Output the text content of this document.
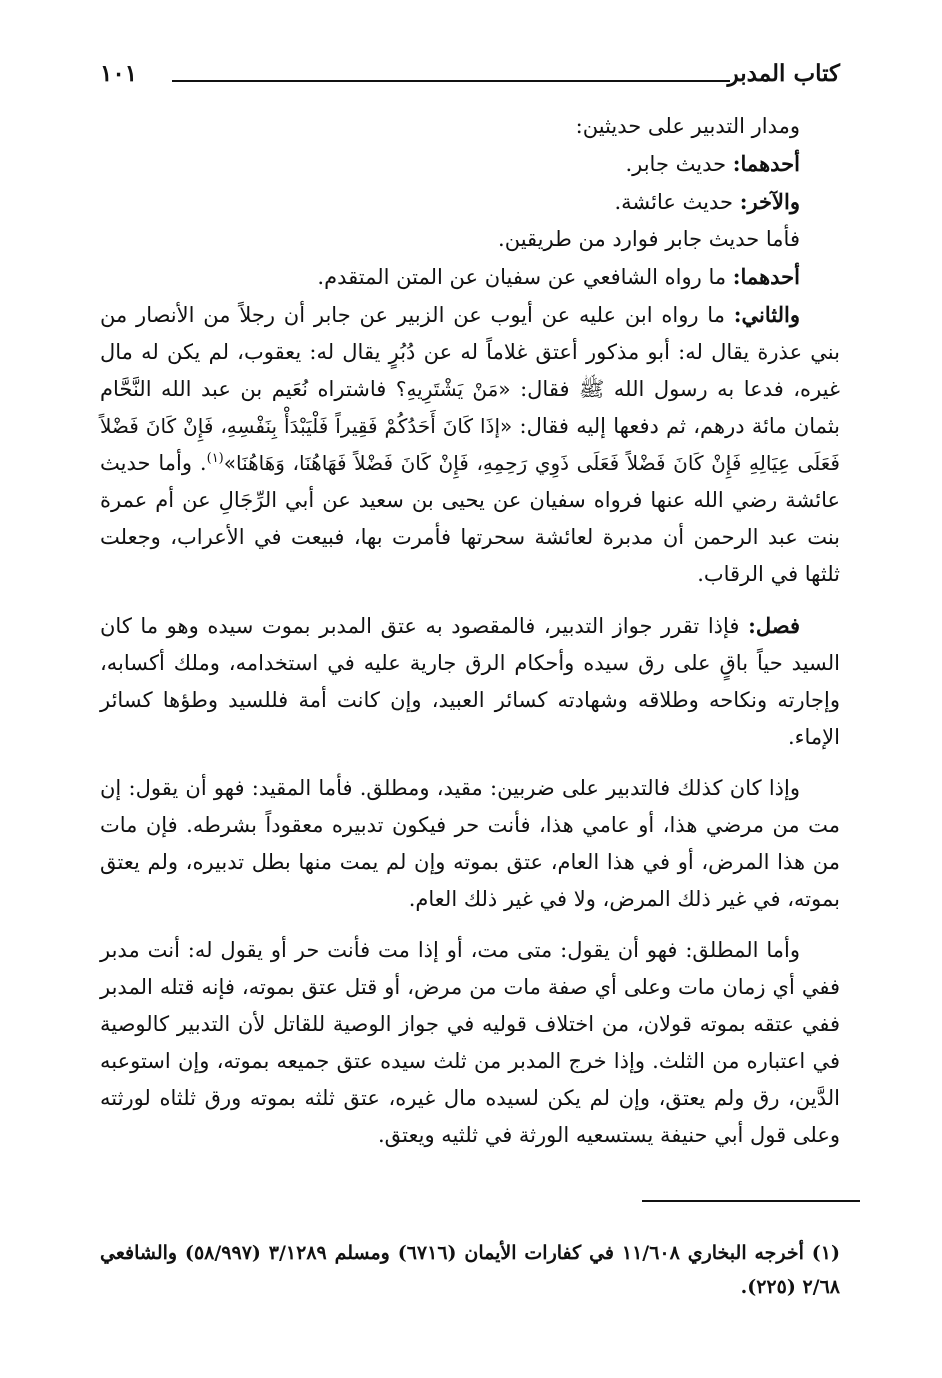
كتاب المدبر
١٠١

ومدار التدبير على حديثين:

أحدهما: حديث جابر.

والآخر: حديث عائشة.

فأما حديث جابر فوارد من طريقين.

أحدهما: ما رواه الشافعي عن سفيان عن المتن المتقدم.

والثاني: ما رواه ابن عليه عن أيوب عن الزبير عن جابر أن رجلاً من الأنصار من بني عذرة يقال له: أبو مذكور أعتق غلاماً له عن دُبُرٍ يقال له: يعقوب، لم يكن له مال غيره، فدعا به رسول الله ﷺ فقال: «مَنْ يَشْتَرِيهِ؟ فاشتراه نُعَيم بن عبد الله النَّحَّام بثمان مائة درهم، ثم دفعها إليه فقال: «إذَا كَانَ أَحَدُكُمْ فَقِيراً فَلْيَبْدَأْ بِنَفْسِهِ، فَإِنْ كَانَ فَضْلاً فَعَلَى عِيَالِهِ فَإِنْ كَانَ فَضْلاً فَعَلَى ذَوِي رَحِمِهِ، فَإِنْ كَانَ فَضْلاً فَهَاهُنَا، وَهَاهُنَا»$^{(١)}$. وأما حديث عائشة رضي الله عنها فرواه سفيان عن يحيى بن سعيد عن أبي الرِّجَالِ عن أم عمرة بنت عبد الرحمن أن مدبرة لعائشة سحرتها فأمرت بها، فبيعت في الأعراب، وجعلت ثلثها في الرقاب.

فصل: فإذا تقرر جواز التدبير، فالمقصود به عتق المدبر بموت سيده وهو ما كان السيد حياً باقٍ على رق سيده وأحكام الرق جارية عليه في استخدامه، وملك أكسابه، وإجارته ونكاحه وطلاقه وشهادته كسائر العبيد، وإن كانت أمة فللسيد وطؤها كسائر الإماء.

وإذا كان كذلك فالتدبير على ضربين: مقيد، ومطلق. فأما المقيد: فهو أن يقول: إن مت من مرضي هذا، أو عامي هذا، فأنت حر فيكون تدبيره معقوداً بشرطه. فإن مات من هذا المرض، أو في هذا العام، عتق بموته وإن لم يمت منها بطل تدبيره، ولم يعتق بموته، في غير ذلك المرض، ولا في غير ذلك العام.

وأما المطلق: فهو أن يقول: متى مت، أو إذا مت فأنت حر أو يقول له: أنت مدبر ففي أي زمان مات وعلى أي صفة مات من مرض، أو قتل عتق بموته، فإنه قتله المدبر ففي عتقه بموته قولان، من اختلاف قوليه في جواز الوصية للقاتل لأن التدبير كالوصية في اعتباره من الثلث. وإذا خرج المدبر من ثلث سيده عتق جميعه بموته، وإن استوعبه الدَّين، رق ولم يعتق، وإن لم يكن لسيده مال غيره، عتق ثلثه بموته ورق ثلثاه لورثته وعلى قول أبي حنيفة يستسعيه الورثة في ثلثيه ويعتق.

(١) أخرجه البخاري ١١/٦٠٨ في كفارات الأيمان (٦٧١٦) ومسلم ٣/١٢٨٩ (٥٨/٩٩٧) والشافعي ٢/٦٨ (٢٢٥).
